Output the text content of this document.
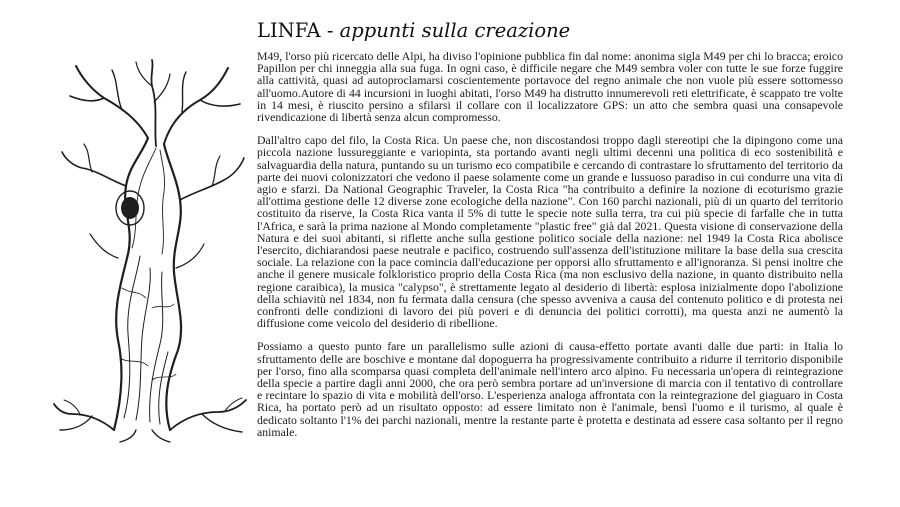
LINFA - appunti sulla creazione

M49, l'orso più ricercato delle Alpi, ha diviso l'opinione pubblica fin dal nome: anonima sigla M49 per chi lo bracca; eroico Papillon per chi inneggia alla sua fuga. In ogni caso, è difficile negare che M49 sembra voler con tutte le sue forze fuggire alla cattività, quasi ad autoproclamarsi coscientemente portavoce del regno animale che non vuole più essere sottomesso all'uomo.Autore di 44 incursioni in luoghi abitati, l'orso M49 ha distrutto innumerevoli reti elettrificate, è scappato tre volte in 14 mesi, è riuscito persino a sfilarsi il collare con il localizzatore GPS: un atto che sembra quasi una consapevole rivendicazione di libertà senza alcun compromesso.

Dall'altro capo del filo, la Costa Rica. Un paese che, non discostandosi troppo dagli stereotipi che la dipingono come una piccola nazione lussureggiante e variopinta, sta portando avanti negli ultimi decenni una politica di eco sostenibilità e salvaguardia della natura, puntando su un turismo eco compatibile e cercando di contrastare lo sfruttamento del territorio da parte dei nuovi colonizzatori che vedono il paese solamente come un grande e lussuoso paradiso in cui condurre una vita di agio e sfarzi. Da National Geographic Traveler, la Costa Rica "ha contribuito a definire la nozione di ecoturismo grazie all'ottima gestione delle 12 diverse zone ecologiche della nazione". Con 160 parchi nazionali, più di un quarto del territorio costituito da riserve, la Costa Rica vanta il 5% di tutte le specie note sulla terra, tra cui più specie di farfalle che in tutta l'Africa, e sarà la prima nazione al Mondo completamente "plastic free" già dal 2021. Questa visione di conservazione della Natura e dei suoi abitanti, si riflette anche sulla gestione politico sociale della nazione: nel 1949 la Costa Rica abolisce l'esercito, dichiarandosi paese neutrale e pacifico, costruendo sull'assenza dell'istituzione militare la base della sua crescita sociale. La relazione con la pace comincia dall'educazione per opporsi allo sfruttamento e all'ignoranza. Si pensi inoltre che anche il genere musicale folkloristico proprio della Costa Rica (ma non esclusivo della nazione, in quanto distribuito nella regione caraibica), la musica "calypso", è strettamente legato al desiderio di libertà: esplosa inizialmente dopo l'abolizione della schiavitù nel 1834, non fu fermata dalla censura (che spesso avveniva a causa del contenuto politico e di protesta nei confronti delle condizioni di lavoro dei più poveri e di denuncia dei politici corrotti), ma questa anzi ne aumentò la diffusione come veicolo del desiderio di ribellione.

Possiamo a questo punto fare un parallelismo sulle azioni di causa-effetto portate avanti dalle due parti: in Italia lo sfruttamento delle are boschive e montane dal dopoguerra ha progressivamente contribuito a ridurre il territorio disponibile per l'orso, fino alla scomparsa quasi completa dell'animale nell'intero arco alpino. Fu necessaria un'opera di reintegrazione della specie a partire dagli anni 2000, che ora però sembra portare ad un'inversione di marcia con il tentativo di controllare e recintare lo spazio di vita e mobilità dell'orso. L'esperienza analoga affrontata con la reintegrazione del giaguaro in Costa Rica, ha portato però ad un risultato opposto: ad essere limitato non è l'animale, bensì l'uomo e il turismo, al quale è dedicato soltanto l'1% dei parchi nazionali, mentre la restante parte è protetta e destinata ad essere casa soltanto per il regno animale.
